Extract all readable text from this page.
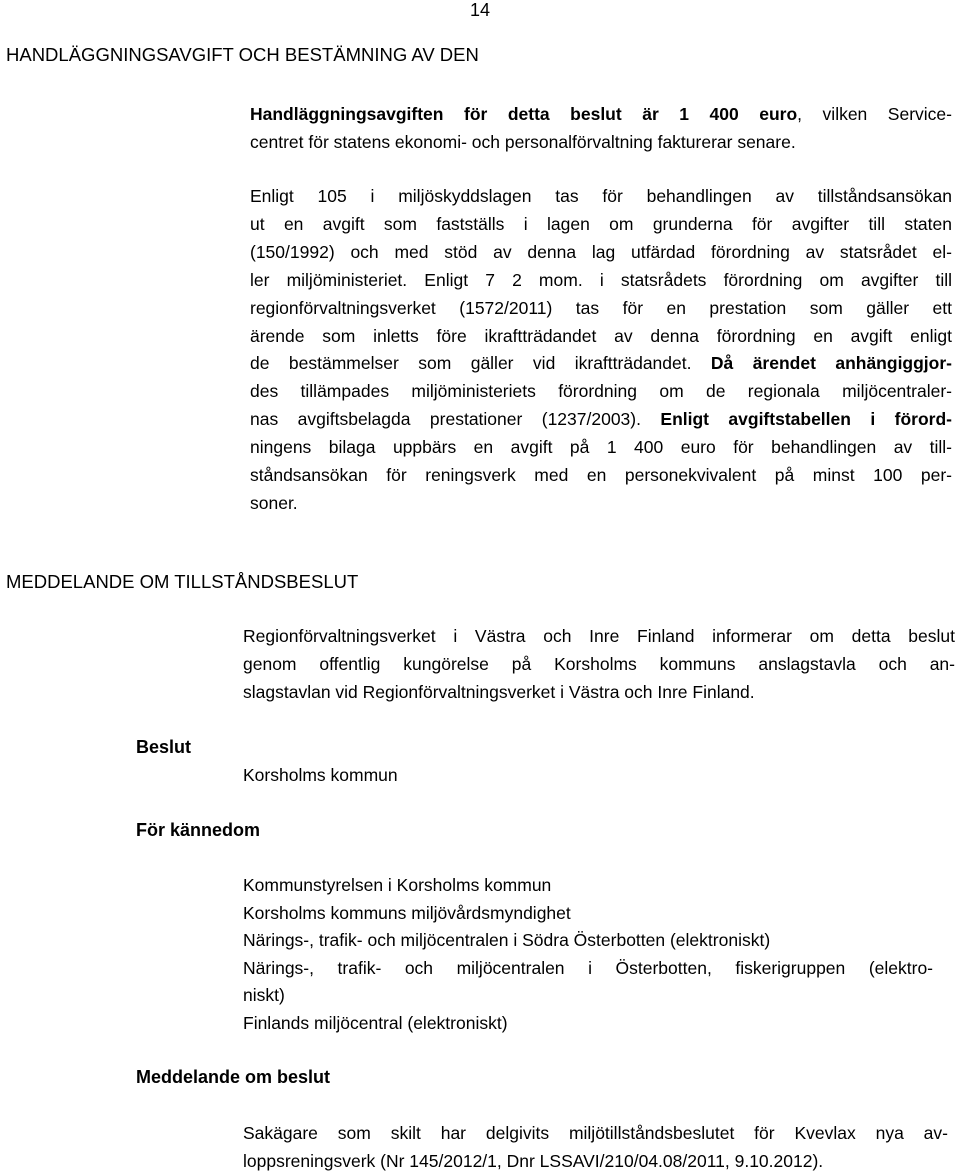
14
HANDLÄGGNINGSAVGIFT OCH BESTÄMNING AV DEN
Handläggningsavgiften för detta beslut är 1 400 euro, vilken Service-
centret för statens ekonomi- och personalförvaltning fakturerar senare.
Enligt 105 i miljöskyddslagen tas för behandlingen av tillståndsansökan
ut en avgift som fastställs i lagen om grunderna för avgifter till staten
(150/1992) och med stöd av denna lag utfärdad förordning av statsrådet el-
ler miljöministeriet. Enligt 7 2 mom. i statsrådets förordning om avgifter till
regionförvaltningsverket (1572/2011) tas för en prestation som gäller ett
ärende som inletts före ikraftträdandet av denna förordning en avgift enligt
de bestämmelser som gäller vid ikraftträdandet. Då ärendet anhängiggjor-
des tillämpades miljöministeriets förordning om de regionala miljöcentraler-
nas avgiftsbelagda prestationer (1237/2003). Enligt avgiftstabellen i förord-
ningens bilaga uppbärs en avgift på 1 400 euro för behandlingen av till-
ståndsansökan för reningsverk med en personekvivalent på minst 100 per-
soner.
MEDDELANDE OM TILLSTÅNDSBESLUT
Regionförvaltningsverket i Västra och Inre Finland informerar om detta beslut
genom offentlig kungörelse på Korsholms kommuns anslagstavla och an-
slagstavlan vid Regionförvaltningsverket i Västra och Inre Finland.
Beslut
Korsholms kommun
För kännedom
Kommunstyrelsen i Korsholms kommun
Korsholms kommuns miljövårdsmyndighet
Närings-, trafik- och miljöcentralen i Södra Österbotten (elektroniskt)
Närings-, trafik- och miljöcentralen i Österbotten, fiskerigruppen (elektro-
niskt)
Finlands miljöcentral (elektroniskt)
Meddelande om beslut
Sakägare som skilt har delgivits miljötillståndsbeslutet för Kvevlax nya av-
loppsreningsverk (Nr 145/2012/1, Dnr LSSAVI/210/04.08/2011, 9.10.2012).
